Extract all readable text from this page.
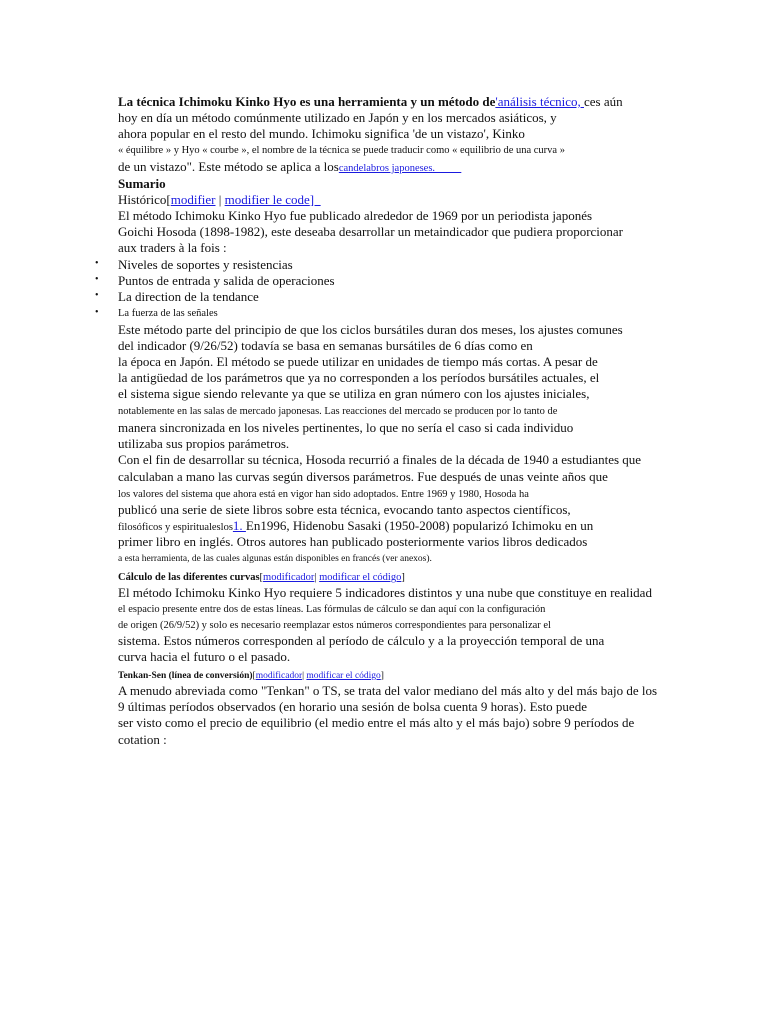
La técnica Ichimoku Kinko Hyo es una herramienta y un método de'análisis técnico, ces aún
hoy en día un método comúnmente utilizado en Japón y en los mercados asiáticos, y
ahora popular en el resto del mundo. Ichimoku significa 'de un vistazo', Kinko
« équilibre » y Hyo « courbe », el nombre de la técnica se puede traducir como « equilibrio de una curva »
de un vistazo". Este método se aplica a loscandelabros japoneses.
Sumario
Histórico[modifier | modifier le code]
El método Ichimoku Kinko Hyo fue publicado alrededor de 1969 por un periodista japonés
Goichi Hosoda (1898-1982), este deseaba desarrollar un metaindicador que pudiera proporcionar
aux traders à la fois :
• Niveles de soportes y resistencias
• Puntos de entrada y salida de operaciones
• La direction de la tendance
• La fuerza de las señales
Este método parte del principio de que los ciclos bursátiles duran dos meses, los ajustes comunes
del indicador (9/26/52) todavía se basa en semanas bursátiles de 6 días como en
la época en Japón. El método se puede utilizar en unidades de tiempo más cortas. A pesar de
la antigüedad de los parámetros que ya no corresponden a los períodos bursátiles actuales, el
el sistema sigue siendo relevante ya que se utiliza en gran número con los ajustes iniciales,
notablemente en las salas de mercado japonesas. Las reacciones del mercado se producen por lo tanto de
manera sincronizada en los niveles pertinentes, lo que no sería el caso si cada individuo
utilizaba sus propios parámetros.
Con el fin de desarrollar su técnica, Hosoda recurrió a finales de la década de 1940 a estudiantes que
calculaban a mano las curvas según diversos parámetros. Fue después de unas veinte años que
los valores del sistema que ahora está en vigor han sido adoptados. Entre 1969 y 1980, Hosoda ha
publicó una serie de siete libros sobre esta técnica, evocando tanto aspectos científicos,
filosóficos y espiritualeslos1. En1996, Hidenobu Sasaki (1950-2008) popularizó Ichimoku en un
primer libro en inglés. Otros autores han publicado posteriormente varios libros dedicados
a esta herramienta, de las cuales algunas están disponibles en francés (ver anexos).
Cálculo de las diferentes curvas[modificador| modificar el código]
El método Ichimoku Kinko Hyo requiere 5 indicadores distintos y una nube que constituye en realidad
el espacio presente entre dos de estas líneas. Las fórmulas de cálculo se dan aquí con la configuración
de origen (26/9/52) y solo es necesario reemplazar estos números correspondientes para personalizar el
sistema. Estos números corresponden al período de cálculo y a la proyección temporal de una
curva hacia el futuro o el pasado.
Tenkan-Sen (línea de conversión)[modificador| modificar el código]
A menudo abreviada como "Tenkan" o TS, se trata del valor mediano del más alto y del más bajo de los
9 últimas períodos observados (en horario una sesión de bolsa cuenta 9 horas). Esto puede
ser visto como el precio de equilibrio (el medio entre el más alto y el más bajo) sobre 9 períodos de
cotation :
